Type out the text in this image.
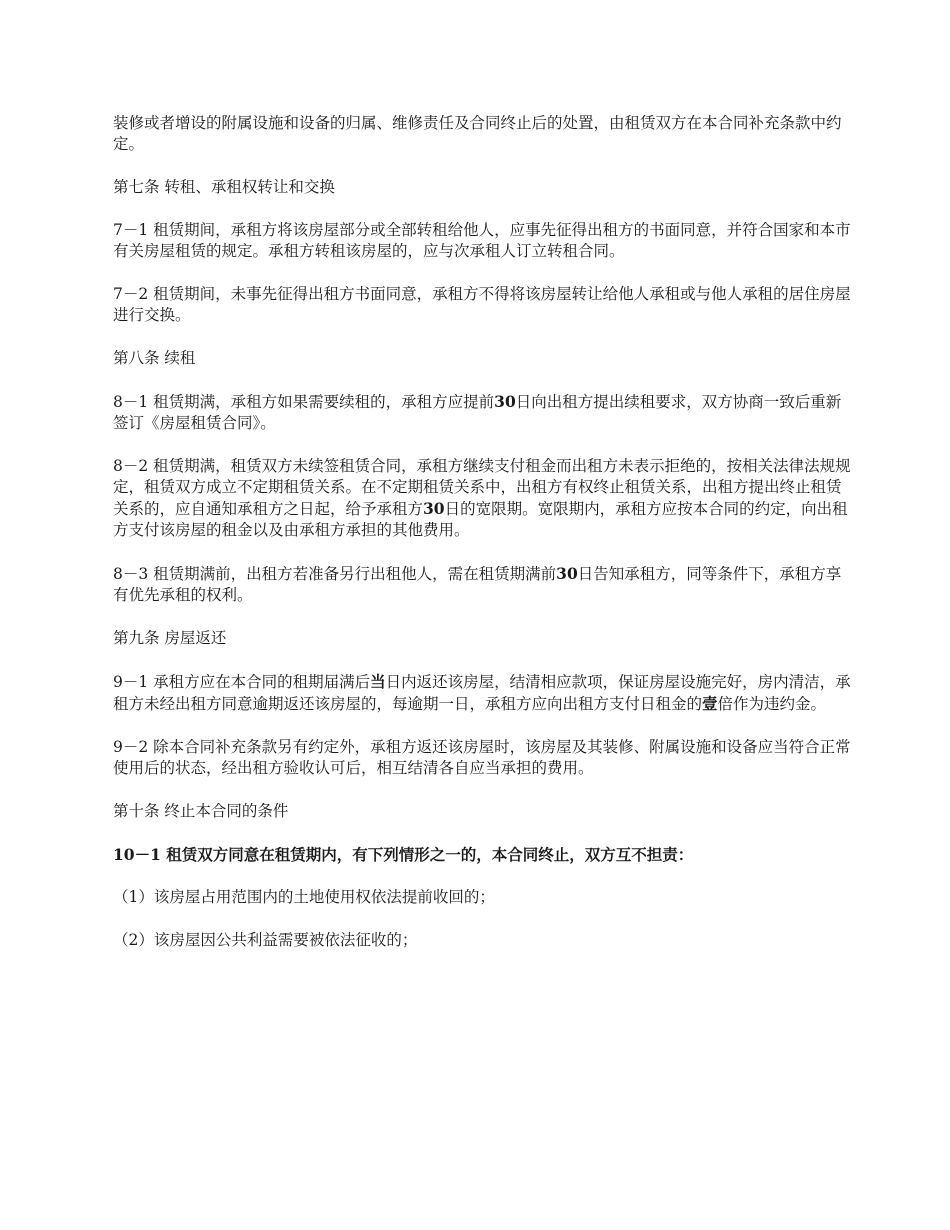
装修或者增设的附属设施和设备的归属、维修责任及合同终止后的处置，由租赁双方在本合同补充条款中约定。

第七条 转租、承租权转让和交换

7－1 租赁期间，承租方将该房屋部分或全部转租给他人，应事先征得出租方的书面同意，并符合国家和本市有关房屋租赁的规定。承租方转租该房屋的，应与次承租人订立转租合同。

7－2 租赁期间，未事先征得出租方书面同意，承租方不得将该房屋转让给他人承租或与他人承租的居住房屋进行交换。

第八条 续租

8－1 租赁期满，承租方如果需要续租的，承租方应提前30日向出租方提出续租要求，双方协商一致后重新签订《房屋租赁合同》。

8－2 租赁期满，租赁双方未续签租赁合同，承租方继续支付租金而出租方未表示拒绝的，按相关法律法规规定，租赁双方成立不定期租赁关系。在不定期租赁关系中，出租方有权终止租赁关系，出租方提出终止租赁关系的，应自通知承租方之日起，给予承租方30日的宽限期。宽限期内，承租方应按本合同的约定，向出租方支付该房屋的租金以及由承租方承担的其他费用。

8－3 租赁期满前，出租方若准备另行出租他人，需在租赁期满前30日告知承租方，同等条件下，承租方享有优先承租的权利。

第九条 房屋返还

9－1 承租方应在本合同的租期届满后当日内返还该房屋，结清相应款项，保证房屋设施完好，房内清洁，承租方未经出租方同意逾期返还该房屋的，每逾期一日，承租方应向出租方支付日租金的壹倍作为违约金。

9－2 除本合同补充条款另有约定外，承租方返还该房屋时，该房屋及其装修、附属设施和设备应当符合正常使用后的状态，经出租方验收认可后，相互结清各自应当承担的费用。

第十条 终止本合同的条件

10－1 租赁双方同意在租赁期内，有下列情形之一的，本合同终止，双方互不担责：

（1）该房屋占用范围内的土地使用权依法提前收回的；

（2）该房屋因公共利益需要被依法征收的；
